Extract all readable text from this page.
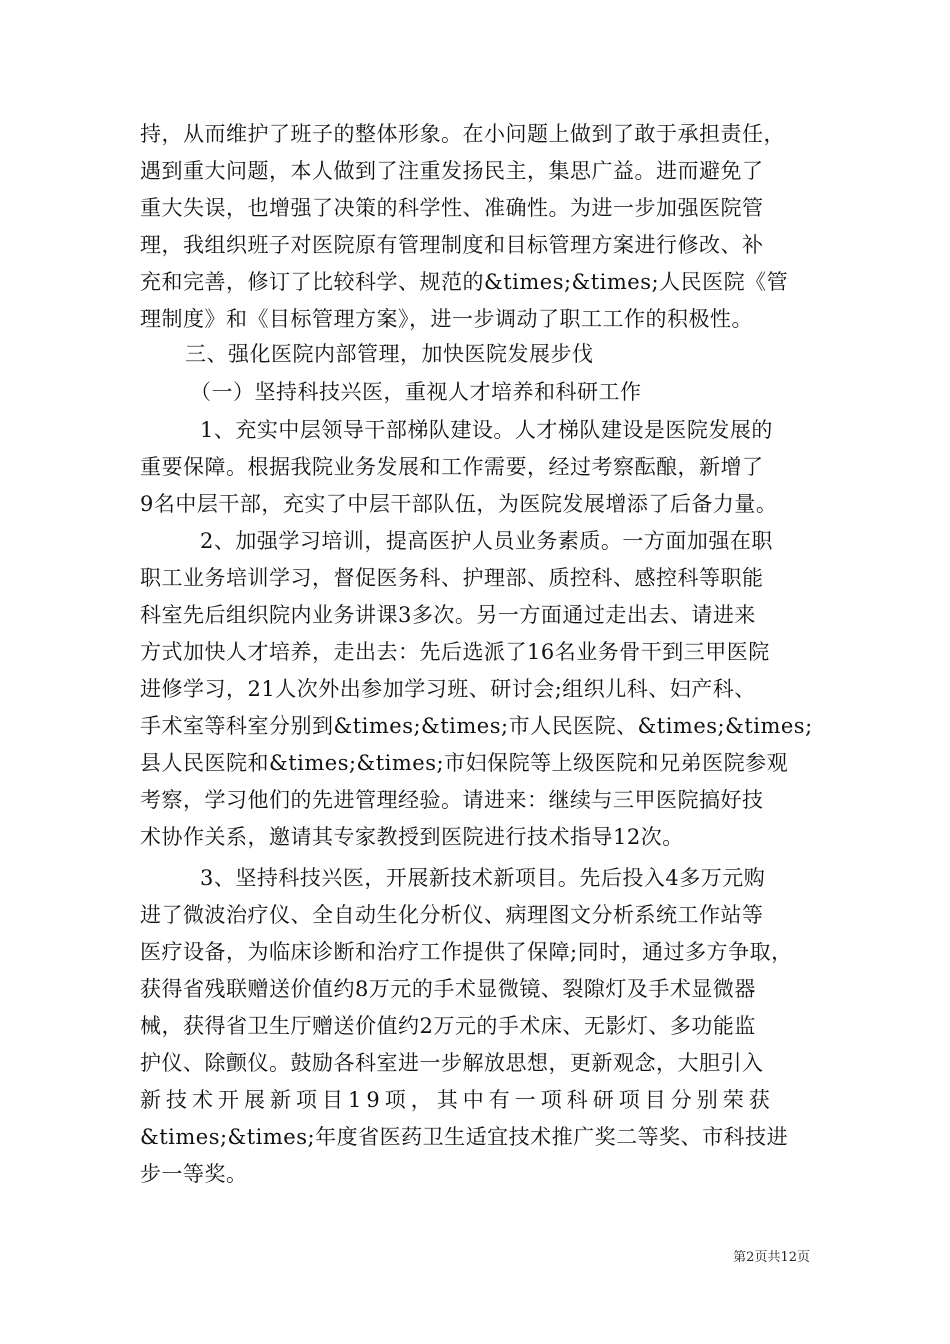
持，从而维护了班子的整体形象。在小问题上做到了敢于承担责任，
遇到重大问题，本人做到了注重发扬民主，集思广益。进而避免了
重大失误，也增强了决策的科学性、准确性。为进一步加强医院管
理，我组织班子对医院原有管理制度和目标管理方案进行修改、补
充和完善，修订了比较科学、规范的&times;&times;人民医院《管
理制度》和《目标管理方案》，进一步调动了职工工作的积极性。
三、强化医院内部管理，加快医院发展步伐
（一）坚持科技兴医，重视人才培养和科研工作
1、充实中层领导干部梯队建设。人才梯队建设是医院发展的
重要保障。根据我院业务发展和工作需要，经过考察酝酿，新增了
9名中层干部，充实了中层干部队伍，为医院发展增添了后备力量。
2、加强学习培训，提高医护人员业务素质。一方面加强在职
职工业务培训学习，督促医务科、护理部、质控科、感控科等职能
科室先后组织院内业务讲课3多次。另一方面通过走出去、请进来
方式加快人才培养，走出去：先后选派了16名业务骨干到三甲医院
进修学习，21人次外出参加学习班、研讨会;组织儿科、妇产科、
手术室等科室分别到&times;&times;市人民医院、&times;&times;
县人民医院和&times;&times;市妇保院等上级医院和兄弟医院参观
考察，学习他们的先进管理经验。请进来：继续与三甲医院搞好技
术协作关系，邀请其专家教授到医院进行技术指导12次。
3、坚持科技兴医，开展新技术新项目。先后投入4多万元购
进了微波治疗仪、全自动生化分析仪、病理图文分析系统工作站等
医疗设备，为临床诊断和治疗工作提供了保障;同时，通过多方争取，
获得省残联赠送价值约8万元的手术显微镜、裂隙灯及手术显微器
械，获得省卫生厅赠送价值约2万元的手术床、无影灯、多功能监
护仪、除颤仪。鼓励各科室进一步解放思想，更新观念，大胆引入
新技术开展新项目19项，其中有一项科研项目分别荣获
&times;&times;年度省医药卫生适宜技术推广奖二等奖、市科技进
步一等奖。
第2页共12页
